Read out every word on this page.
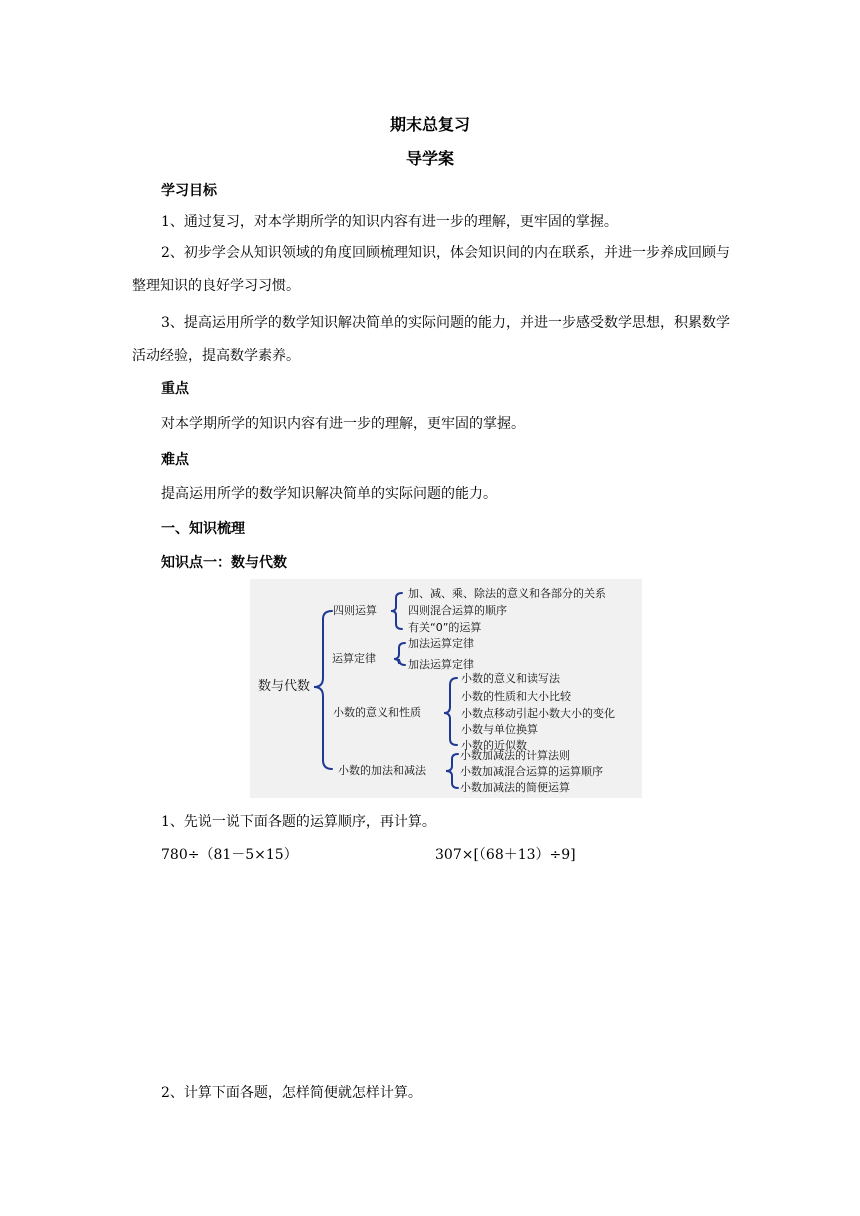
期末总复习
导学案
学习目标
1、通过复习，对本学期所学的知识内容有进一步的理解，更牢固的掌握。
2、初步学会从知识领域的角度回顾梳理知识，体会知识间的内在联系，并进一步养成回顾与整理知识的良好学习习惯。
3、提高运用所学的数学知识解决简单的实际问题的能力，并进一步感受数学思想，积累数学活动经验，提高数学素养。
重点
对本学期所学的知识内容有进一步的理解，更牢固的掌握。
难点
提高运用所学的数学知识解决简单的实际问题的能力。
一、知识梳理
知识点一：数与代数
数与代数
四则运算
加、减、乘、除法的意义和各部分的关系
四则混合运算的顺序
有关“0”的运算
运算定律
加法运算定律
加法运算定律
小数的意义和性质
小数的意义和读写法
小数的性质和大小比较
小数点移动引起小数大小的变化
小数与单位换算
小数的近似数
小数的加法和减法
小数加减法的计算法则
小数加减混合运算的运算顺序
小数加减法的简便运算
1、先说一说下面各题的运算顺序，再计算。
780÷（81－5×15）	307×[（68＋13）÷9]
2、计算下面各题，怎样简便就怎样计算。
